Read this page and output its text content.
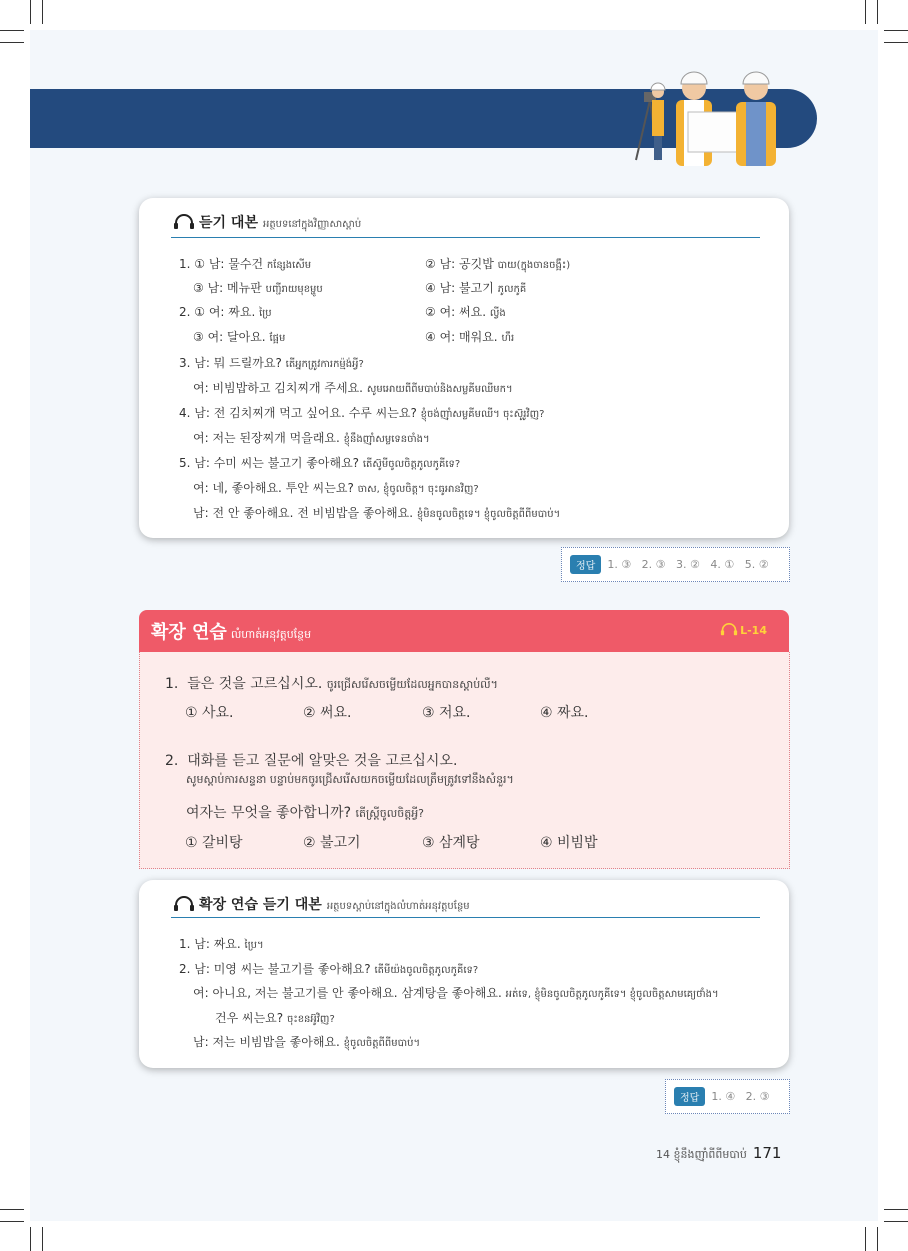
듣기 대본 អត្ថបទនៅក្នុងវិញ្ញាសាស្ដាប់
1. ① 남: 물수건 កន្សែងសើម	② 남: 공깃밥 បាយ(ក្នុងចានចង្អឹះ)
③ 남: 메뉴판 បញ្ជីរាយមុខម្ហូប	④ 남: 불고기 ភូលកូគី
2. ① 여: 짜요. ប្រៃ	② 여: 써요. ល្វីង
③ 여: 달아요. ផ្អែម	④ 여: 매워요. ហឹរ
3. 남: 뭐 드릴까요? តើអ្នកត្រូវការកម្ម៉ង់អ្វី?
여: 비빔밥하고 김치찌개 주세요. សូមអោយពីពីមបាប់និងសម្លគីមឈីមក។
4. 남: 전 김치찌개 먹고 싶어요. 수루 씨는요? ខ្ញុំចង់ញ៉ាំសម្លគីមឈី។ ចុះស៊ូរូវិញ?
여: 저는 된장찌개 먹을래요. ខ្ញុំនឹងញ៉ាំសម្លទេនចាំង។
5. 남: 수미 씨는 불고기 좋아해요? តើស៊ូមីចូលចិត្តភូលកូគីទេ?
여: 네, 좋아해요. 투안 씨는요? ចាស, ខ្ញុំចូលចិត្ត។ ចុះធូអានវិញ?
남: 전 안 좋아해요. 전 비빔밥을 좋아해요. ខ្ញុំមិនចូលចិត្តទេ។ ខ្ញុំចូលចិត្តពីពីមបាប់។
정답	1. ③   2. ③   3. ②   4. ①   5. ②
확장 연습 លំហាត់អនុវត្តបន្ថែម	L-14
1.  들은 것을 고르십시오. ចូរជ្រើសរើសចម្លើយដែលអ្នកបានស្ដាប់លឺ។
① 사요.	② 써요.	③ 저요.	④ 짜요.
2.  대화를 듣고 질문에 알맞은 것을 고르십시오.
សូមស្តាប់ការសន្ទនា បន្ទាប់មកចូរជ្រើសរើសយកចម្លើយដែលត្រឹមត្រូវទៅនឹងសំនួរ។
여자는 무엇을 좋아합니까? តើស្ត្រីចូលចិត្តអ្វី?
① 갈비탕	② 불고기	③ 삼계탕	④ 비빔밥
확장 연습 듣기 대본 អត្ថបទស្ដាប់នៅក្នុងលំហាត់អនុវត្តបន្ថែម
1. 남: 짜요. ប្រៃ។
2. 남: 미영 씨는 불고기를 좋아해요? តើមីយ៉ងចូលចិត្តភូលកូគីទេ?
여: 아니요, 저는 불고기를 안 좋아해요. 삼계탕을 좋아해요. អត់ទេ, ខ្ញុំមិនចូលចិត្តភូលកូគីទេ។ ខ្ញុំចូលចិត្តសាមគ្យេថាំង។
건우 씨는요? ចុះខនអ៊ូវិញ?
남: 저는 비빔밥을 좋아해요. ខ្ញុំចូលចិត្តពីពីមបាប់។
정답	1. ④   2. ③
14 ខ្ញុំនឹងញ៉ាំពីពីមបាប់ 171
